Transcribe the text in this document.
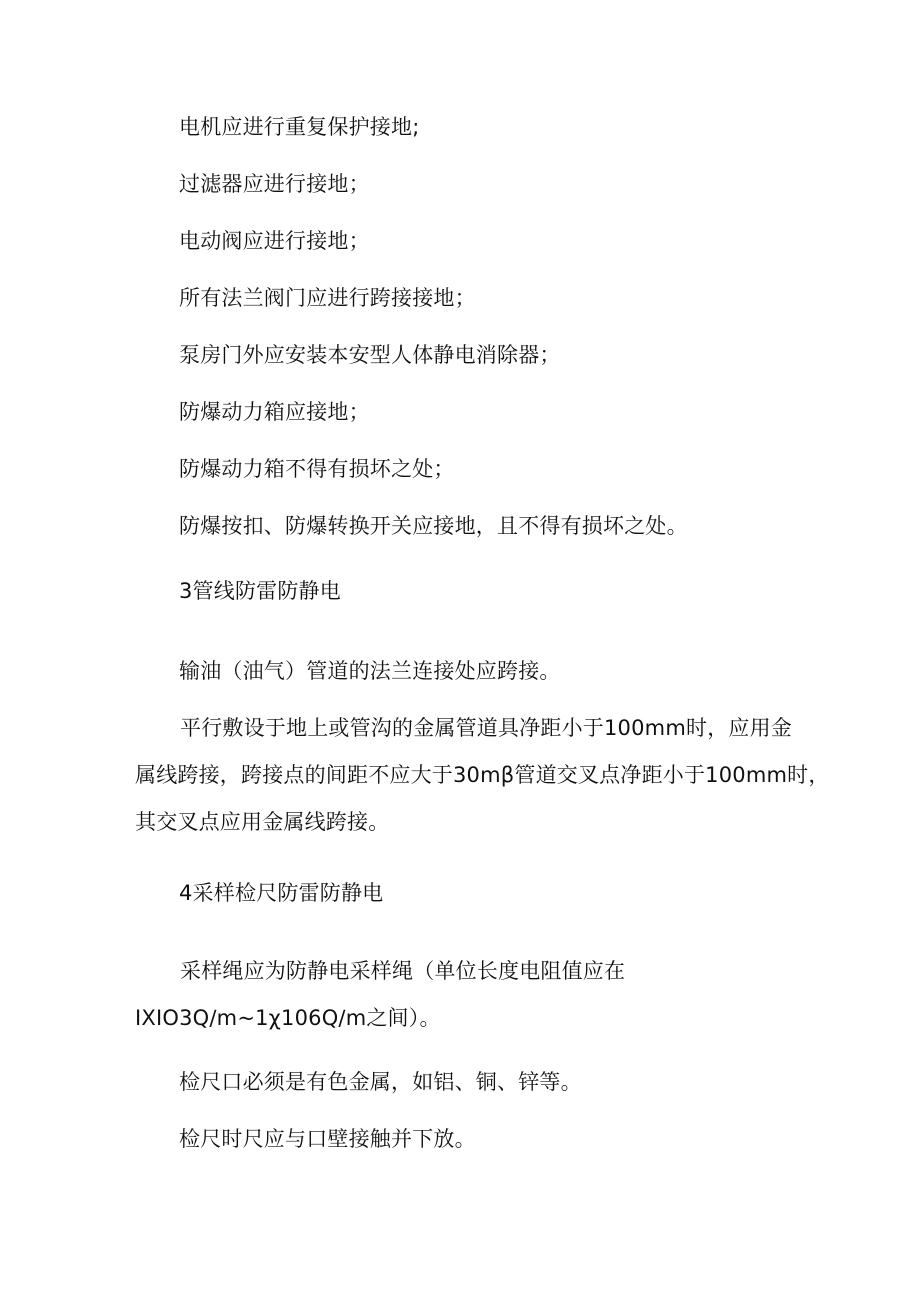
电机应进行重复保护接地;

过滤器应进行接地；

电动阀应进行接地；

所有法兰阀门应进行跨接接地；

泵房门外应安装本安型人体静电消除器；

防爆动力箱应接地；

防爆动力箱不得有损坏之处；

防爆按扣、防爆转换开关应接地，且不得有损坏之处。

3管线防雷防静电

输油（油气）管道的法兰连接处应跨接。

平行敷设于地上或管沟的金属管道具净距小于100mm时，应用金
属线跨接，跨接点的间距不应大于30mβ管道交叉点净距小于100mm时，
其交叉点应用金属线跨接。

4采样检尺防雷防静电

采样绳应为防静电采样绳（单位长度电阻值应在
IXIO3Q∕m~1χ106Q∕m之间）。

检尺口必须是有色金属，如铝、铜、锌等。

检尺时尺应与口壁接触并下放。
